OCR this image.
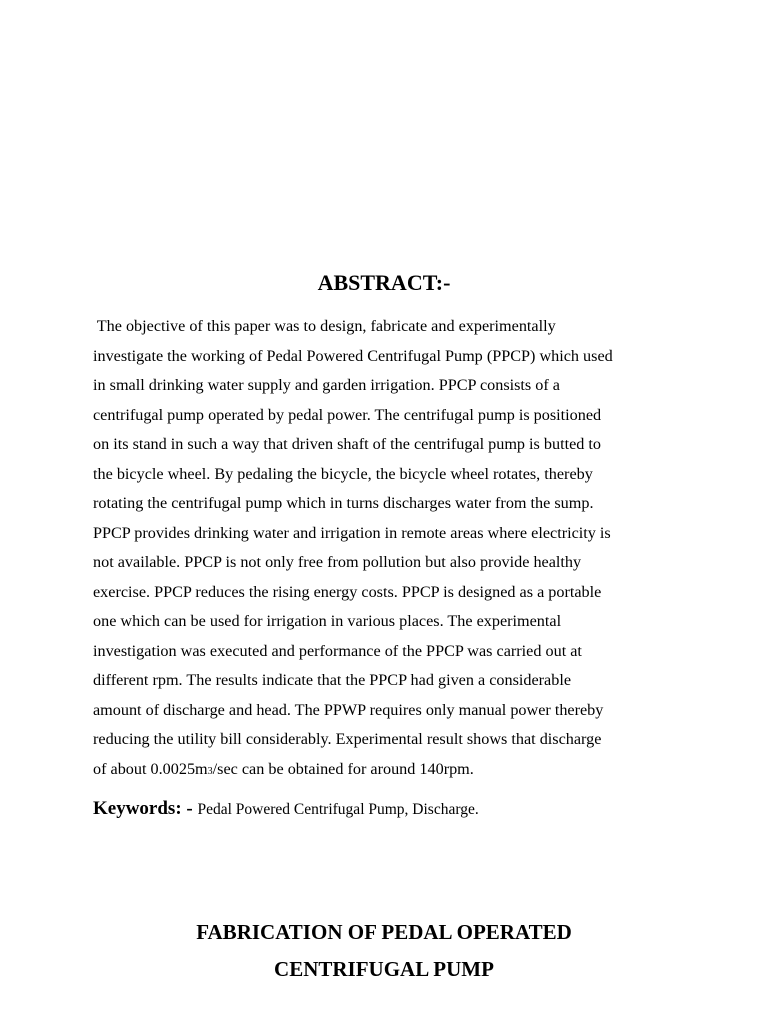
ABSTRACT:-
The objective of this paper was to design, fabricate and experimentally
investigate the working of Pedal Powered Centrifugal Pump (PPCP) which used
in small drinking water supply and garden irrigation. PPCP consists of a
centrifugal pump operated by pedal power. The centrifugal pump is positioned
on its stand in such a way that driven shaft of the centrifugal pump is butted to
the bicycle wheel. By pedaling the bicycle, the bicycle wheel rotates, thereby
rotating the centrifugal pump which in turns discharges water from the sump.
PPCP provides drinking water and irrigation in remote areas where electricity is
not available. PPCP is not only free from pollution but also provide healthy
exercise. PPCP reduces the rising energy costs. PPCP is designed as a portable
one which can be used for irrigation in various places. The experimental
investigation was executed and performance of the PPCP was carried out at
different rpm. The results indicate that the PPCP had given a considerable
amount of discharge and head. The PPWP requires only manual power thereby
reducing the utility bill considerably. Experimental result shows that discharge
of about 0.0025m3/sec can be obtained for around 140rpm.
Keywords: - Pedal Powered Centrifugal Pump, Discharge.
FABRICATION OF PEDAL OPERATED
CENTRIFUGAL PUMP
